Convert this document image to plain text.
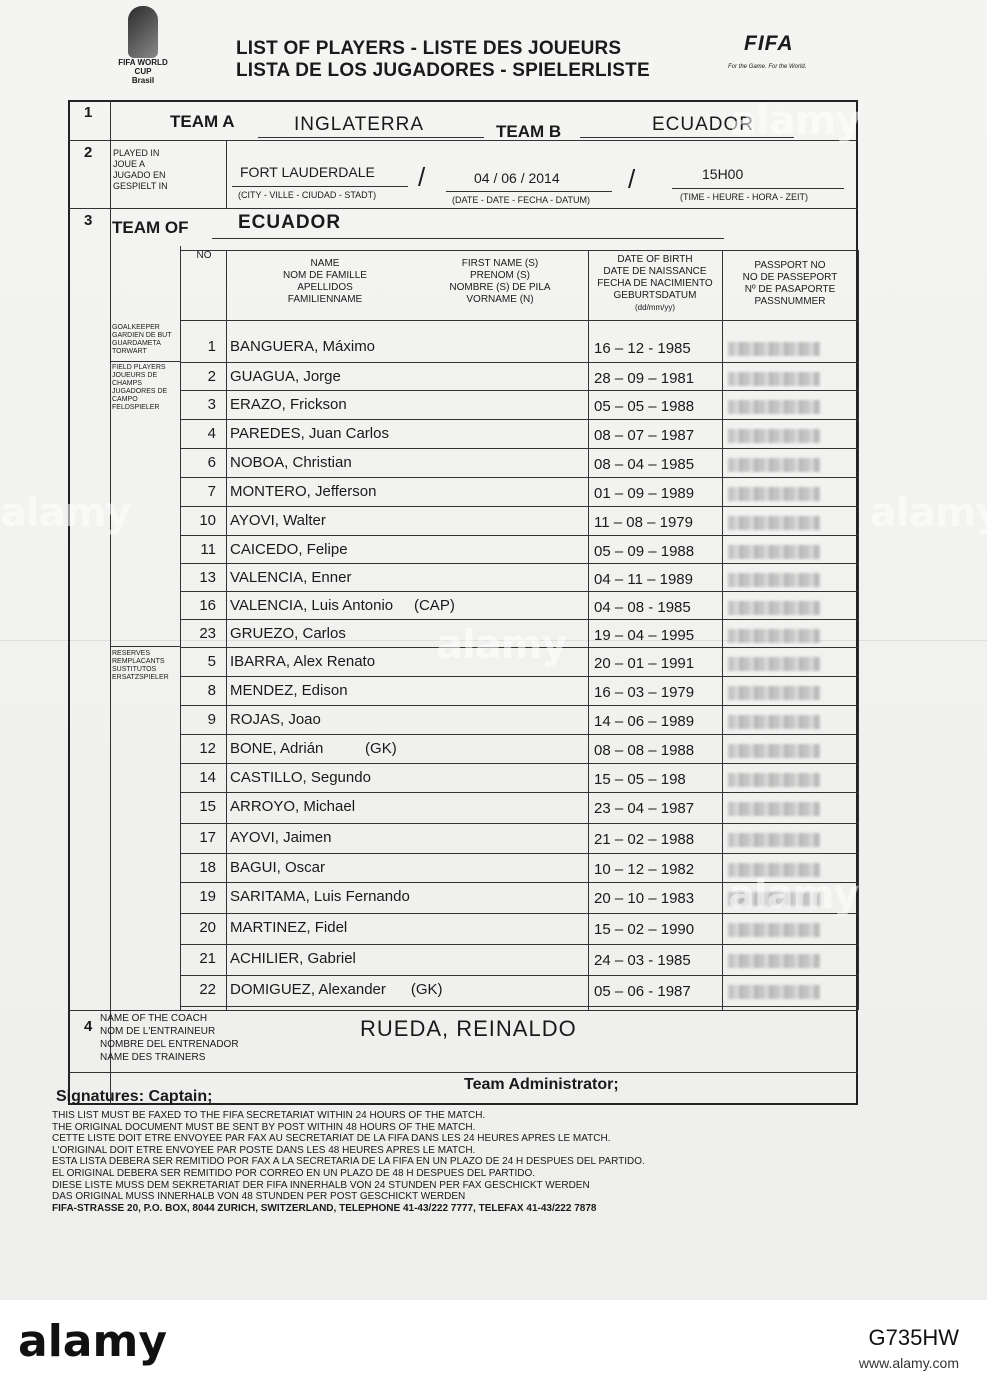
FIFA WORLD CUP
Brasil
LIST OF PLAYERS - LISTE DES JOUEURS
LISTA DE LOS JUGADORES - SPIELERLISTE
FIFA
For the Game. For the World.
1	TEAM A	INGLATERRA	TEAM B	ECUADOR
2 PLAYED IN
JOUE A
JUGADO EN
GESPIELT IN
FORT LAUDERDALE
(CITY - VILLE - CIUDAD - STADT)
/	04 / 06 / 2014
(DATE - DATE - FECHA - DATUM)
/	15H00
(TIME - HEURE - HORA - ZEIT)
3 TEAM OF	ECUADOR
NO
NAME
NOM DE FAMILLE
APELLIDOS
FAMILIENNAME
FIRST NAME (S)
PRENOM (S)
NOMBRE (S) DE PILA
VORNAME (N)
DATE OF BIRTH
DATE DE NAISSANCE
FECHA DE NACIMIENTO
GEBURTSDATUM
(dd/mm/yy)
PASSPORT NO
NO DE PASSEPORT
Nº DE PASAPORTE
PASSNUMMER
GOALKEEPER
GARDIEN DE BUT
GUARDAMETA
TORWART
FIELD PLAYERS
JOUEURS DE
CHAMPS
JUGADORES DE
CAMPO
FELDSPIELER
RESERVES
REMPLACANTS
SUSTITUTOS
ERSATZSPIELER
1 BANGUERA, Máximo	16 – 12 - 1985
2 GUAGUA, Jorge	28 – 09 – 1981
3 ERAZO, Frickson	05 – 05 – 1988
4 PAREDES, Juan Carlos	08 – 07 – 1987
6 NOBOA, Christian	08 – 04 – 1985
7 MONTERO, Jefferson	01 – 09 – 1989
10 AYOVI, Walter	11 – 08 – 1979
11 CAICEDO, Felipe	05 – 09 – 1988
13 VALENCIA, Enner	04 – 11 – 1989
16 VALENCIA, Luis Antonio     (CAP)	04 – 08 - 1985
23 GRUEZO, Carlos	19 – 04 – 1995
5 IBARRA, Alex Renato	20 – 01 – 1991
8 MENDEZ, Edison	16 – 03 – 1979
9 ROJAS, Joao	14 – 06 – 1989
12 BONE, Adrián          (GK)	08 – 08 – 1988
14 CASTILLO, Segundo	15 – 05 – 198
15 ARROYO, Michael	23 – 04 – 1987
17 AYOVI, Jaimen	21 – 02 – 1988
18 BAGUI, Oscar	10 – 12 – 1982
19 SARITAMA, Luis Fernando	20 – 10 – 1983
20 MARTINEZ, Fidel	15 – 02 – 1990
21 ACHILIER, Gabriel	24 – 03 - 1985
22 DOMIGUEZ, Alexander      (GK)	05 – 06 - 1987
4 NAME OF THE COACH
NOM DE L'ENTRAINEUR
NOMBRE DEL ENTRENADOR
NAME DES TRAINERS
RUEDA, REINALDO
Signatures: Captain;
Team Administrator;
THIS LIST MUST BE FAXED TO THE FIFA SECRETARIAT WITHIN 24 HOURS OF THE MATCH.
THE ORIGINAL DOCUMENT MUST BE SENT BY POST WITHIN 48 HOURS OF THE MATCH.
CETTE LISTE DOIT ETRE ENVOYEE PAR FAX AU SECRETARIAT DE LA FIFA DANS LES 24 HEURES APRES LE MATCH.
L'ORIGINAL DOIT ETRE ENVOYEE PAR POSTE DANS LES 48 HEURES APRES LE MATCH.
ESTA LISTA DEBERA SER REMITIDO POR FAX A LA SECRETARIA DE LA FIFA EN UN PLAZO DE 24 H DESPUES DEL PARTIDO.
EL ORIGINAL DEBERA SER REMITIDO POR CORREO EN UN PLAZO DE 48 H DESPUES DEL PARTIDO.
DIESE LISTE MUSS DEM SEKRETARIAT DER FIFA INNERHALB VON 24 STUNDEN PER FAX GESCHICKT WERDEN
DAS ORIGINAL MUSS INNERHALB VON 48 STUNDEN PER POST GESCHICKT WERDEN
FIFA-STRASSE 20, P.O. BOX, 8044 ZURICH, SWITZERLAND, TELEPHONE 41-43/222 7777, TELEFAX 41-43/222 7878
alamy
alamy
alamy
alamy
alamy
alamy	G735HW
www.alamy.com
